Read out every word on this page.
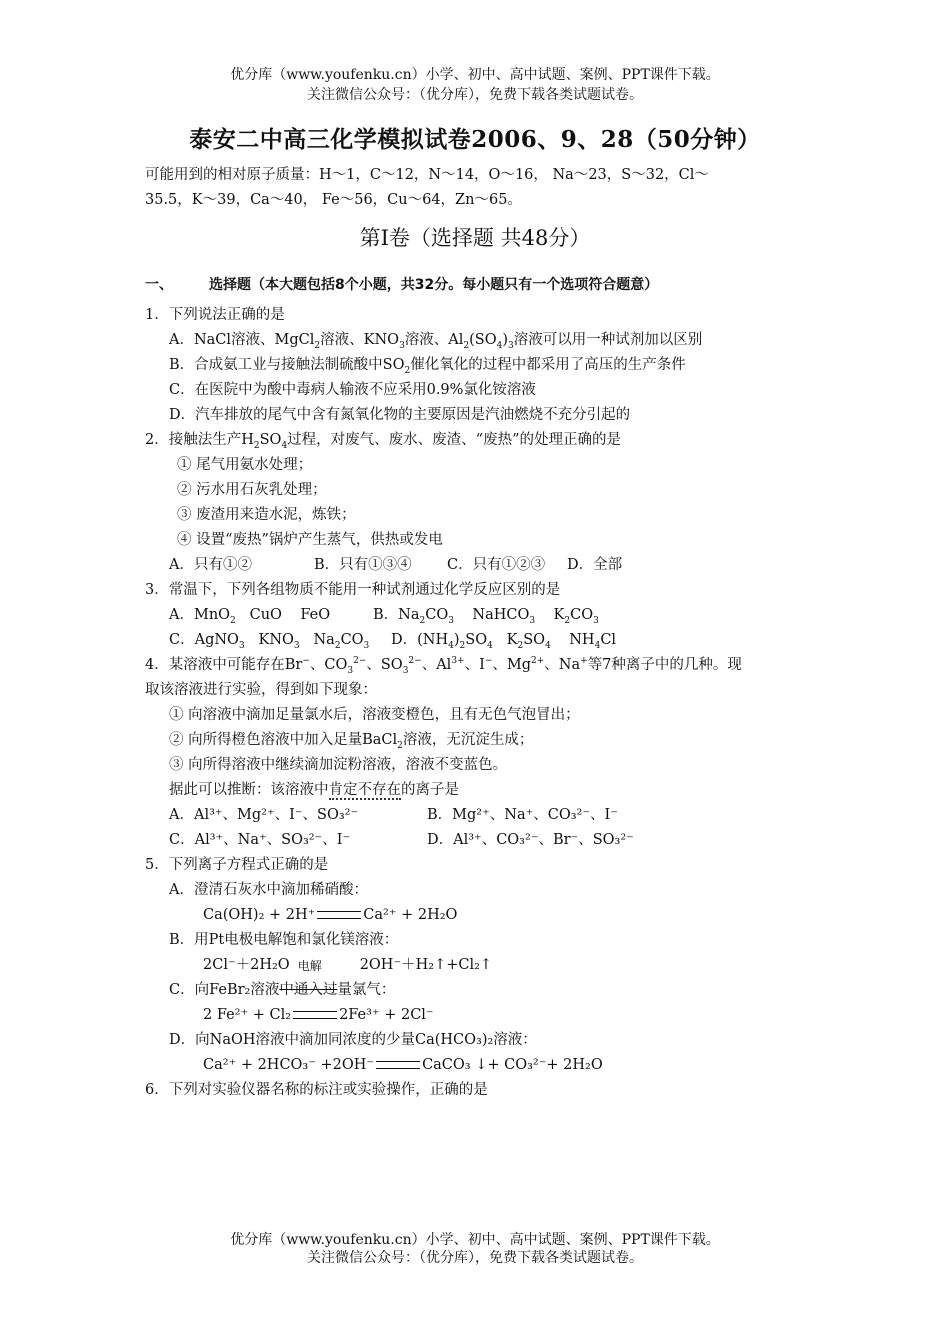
优分库（www.youfenku.cn）小学、初中、高中试题、案例、PPT课件下载。
关注微信公众号：（优分库），免费下载各类试题试卷。
泰安二中高三化学模拟试卷2006、9、28（50分钟）
可能用到的相对原子质量：H～1，C～12，N～14，O～16， Na～23，S～32，Cl～
35.5，K～39，Ca～40， Fe～56，Cu～64，Zn～65。
第Ⅰ卷（选择题 共48分）
一、	选择题（本大题包括8个小题，共32分。每小题只有一个选项符合题意）
1．下列说法正确的是
A．NaCl溶液、MgCl$_2$溶液、$KNO_3$溶液、$Al_2(SO_4)_3$溶液可以用一种试剂加以区别
B．合成氨工业与接触法制硫酸中$SO_2$催化氧化的过程中都采用了高压的生产条件
C．在医院中为酸中毒病人输液不应采用0.9%氯化铵溶液
D．汽车排放的尾气中含有氮氧化物的主要原因是汽油燃烧不充分引起的
2．接触法生产$H_2SO_4$过程，对废气、废水、废渣、“废热”的处理正确的是
① 尾气用氨水处理；
② 污水用石灰乳处理；
③ 废渣用来造水泥，炼铁；
④ 设置“废热”锅炉产生蒸气，供热或发电
A．只有①②	B．只有①③④ C．只有①②③ D．全部
3．常温下，下列各组物质不能用一种试剂通过化学反应区别的是
A．MnO$_2$   CuO    FeO	B．$Na_2CO_3$    NaHCO$_3$    $K_2CO_3$
C．AgNO$_3$   $KNO_3$   $Na_2CO_3$ D．$(NH_4)_2SO_4$   $K_2SO_4$    $NH_4Cl$
4．某溶液中可能存在Br−、$CO_3^{2-}$、$SO_3^{2-}$、$Al^{3+}$、I−、$Mg^{2+}$、Na+等7种离子中的几种。现
取该溶液进行实验，得到如下现象：
① 向溶液中滴加足量氯水后，溶液变橙色，且有无色气泡冒出；
② 向所得橙色溶液中加入足量BaCl$_2$溶液，无沉淀生成；
③ 向所得溶液中继续滴加淀粉溶液，溶液不变蓝色。
据此可以推断：该溶液中肯定不存在的离子是
A．Al³⁺、Mg²⁺、I⁻、SO₃²⁻	B．Mg²⁺、Na⁺、CO₃²⁻、I⁻
C．Al³⁺、Na⁺、SO₃²⁻、I⁻	D．Al³⁺、CO₃²⁻、Br⁻、SO₃²⁻
5．下列离子方程式正确的是
A．澄清石灰水中滴加稀硝酸：
Ca(OH)₂ + 2H⁺	Ca²⁺ + 2H₂O
B．用Pt电极电解饱和氯化镁溶液：
2Cl⁻＋2H₂O 电解	2OH⁻＋H₂↑+Cl₂↑
C．向FeBr₂溶液中通入过量氯气：
2 Fe²⁺ + Cl₂	2Fe³⁺ + 2Cl⁻
D．向NaOH溶液中滴加同浓度的少量Ca(HCO₃)₂溶液：
Ca²⁺ + 2HCO₃⁻ +2OH⁻	CaCO₃ ↓+ CO₃²⁻+ 2H₂O
6．下列对实验仪器名称的标注或实验操作，正确的是
优分库（www.youfenku.cn）小学、初中、高中试题、案例、PPT课件下载。
关注微信公众号：（优分库），免费下载各类试题试卷。
